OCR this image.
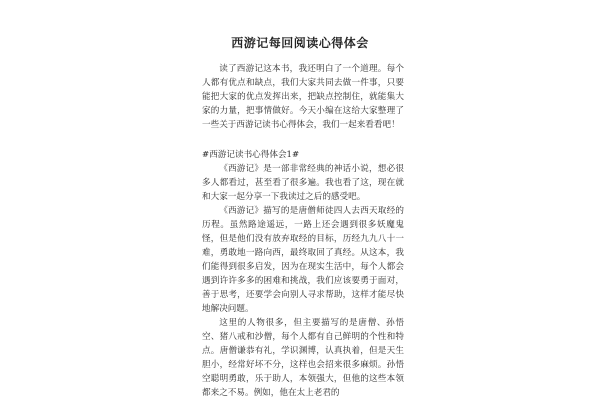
西游记每回阅读心得体会

读了西游记这本书，我还明白了一个道理。每个人都有优点和缺点，我们大家共同去做一件事，只要能把大家的优点发挥出来，把缺点控制住，就能集大家的力量，把事情做好。今天小编在这给大家整理了一些关于西游记读书心得体会，我们一起来看看吧！

#西游记读书心得体会1#

《西游记》是一部非常经典的神话小说，想必很多人都看过，甚至看了很多遍。我也看了这，现在就和大家一起分享一下我读过之后的感受吧。

《西游记》描写的是唐僧师徒四人去西天取经的历程。虽然路途遥远，一路上还会遇到很多妖魔鬼怪，但是他们没有放弃取经的目标，历经九九八十一难，勇敢地一路向西，最终取回了真经。从这本，我们能得到很多启发，因为在现实生活中，每个人都会遇到许许多多的困难和挑战，我们应该要勇于面对，善于思考，还要学会向别人寻求帮助，这样才能尽快地解决问题。

这里的人物很多，但主要描写的是唐僧、孙悟空、猪八戒和沙僧，每个人都有自己鲜明的个性和特点。唐僧谦恭有礼，学识渊博，认真执着，但是天生胆小，经常好坏不分，这样也会招来很多麻烦。孙悟空聪明勇敢，乐于助人，本领强大，但他的这些本领都来之不易。例如，他在太上老君的
